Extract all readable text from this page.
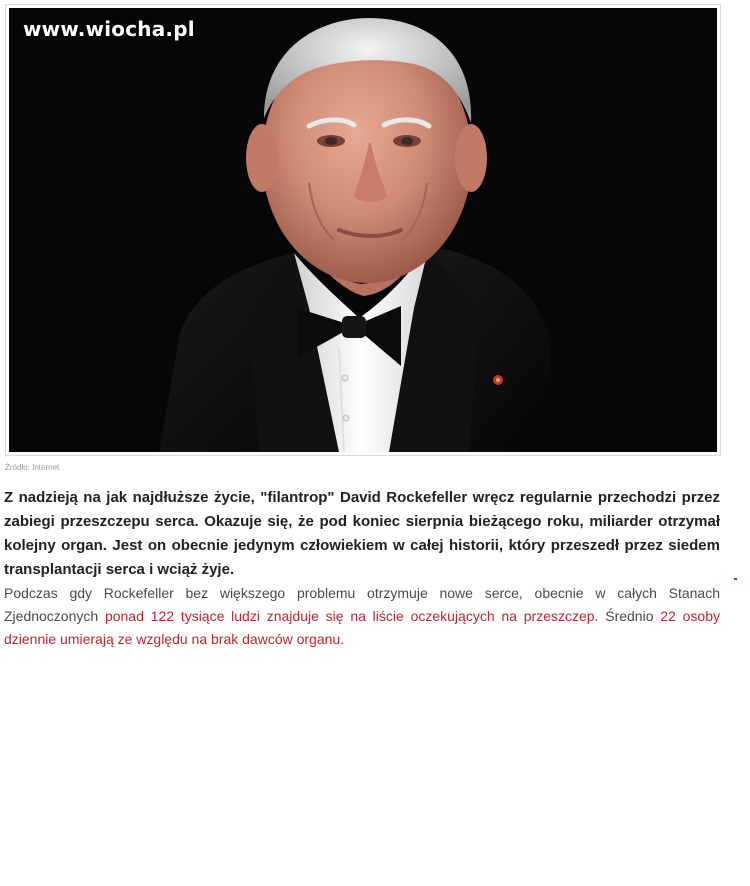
www.wiocha.pl
Źródło: Internet

Z nadzieją na jak najdłuższe życie, "filantrop" David Rockefeller wręcz regularnie przechodzi przez zabiegi przeszczepu serca. Okazuje się, że pod koniec sierpnia bieżącego roku, miliarder otrzymał kolejny organ. Jest on obecnie jedynym człowiekiem w całej historii, który przeszedł przez siedem transplantacji serca i wciąż żyje.

Podczas gdy Rockefeller bez większego problemu otrzymuje nowe serce, obecnie w całych Stanach Zjednoczonych ponad 122 tysiące ludzi znajduje się na liście oczekujących na przeszczep. Średnio 22 osoby dziennie umierają ze względu na brak dawców organu.
